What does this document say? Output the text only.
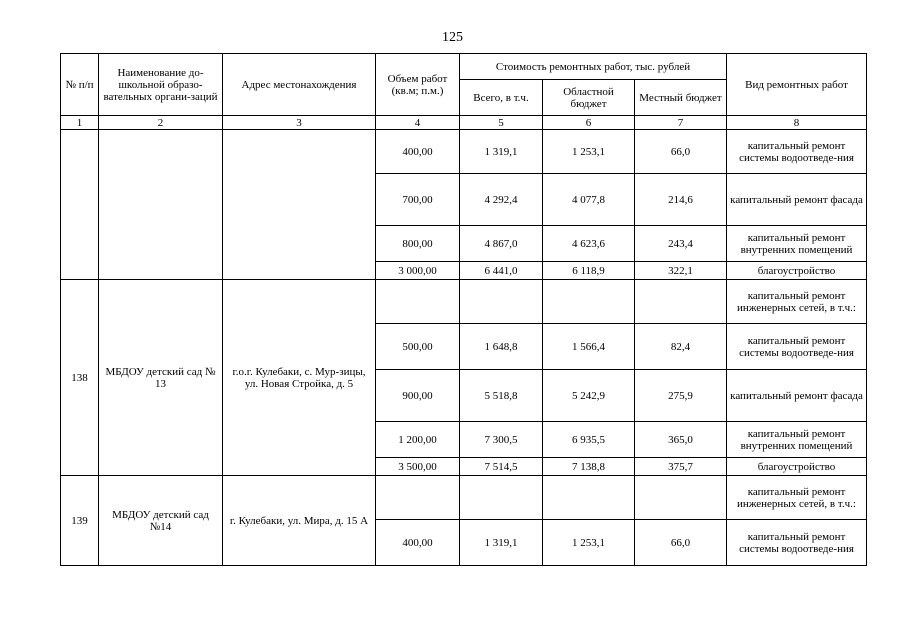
125
№ п/п	Наименование до-школьной образо-вательных органи-заций	Адрес местонахождения	Объем работ (кв.м; п.м.)	Стоимость ремонтных работ, тыс. рублей			Вид ремонтных работ
				Всего, в т.ч.	Областной бюджет	Местный бюджет	
1	2	3	4	5	6	7	8
			400,00	1 319,1	1 253,1	66,0	капитальный ремонт системы водоотведе-ния
			700,00	4 292,4	4 077,8	214,6	капитальный ремонт фасада
			800,00	4 867,0	4 623,6	243,4	капитальный ремонт внутренних помещений
			3 000,00	6 441,0	6 118,9	322,1	благоустройство
138	МБДОУ детский сад № 13	г.о.г. Кулебаки, с. Мур-зицы, ул. Новая Стройка, д. 5					капитальный ремонт инженерных сетей, в т.ч.:
			500,00	1 648,8	1 566,4	82,4	капитальный ремонт системы водоотведе-ния
			900,00	5 518,8	5 242,9	275,9	капитальный ремонт фасада
			1 200,00	7 300,5	6 935,5	365,0	капитальный ремонт внутренних помещений
			3 500,00	7 514,5	7 138,8	375,7	благоустройство
139	МБДОУ детский сад №14	г. Кулебаки, ул. Мира, д. 15 А					капитальный ремонт инженерных сетей, в т.ч.:
			400,00	1 319,1	1 253,1	66,0	капитальный ремонт системы водоотведе-ния
